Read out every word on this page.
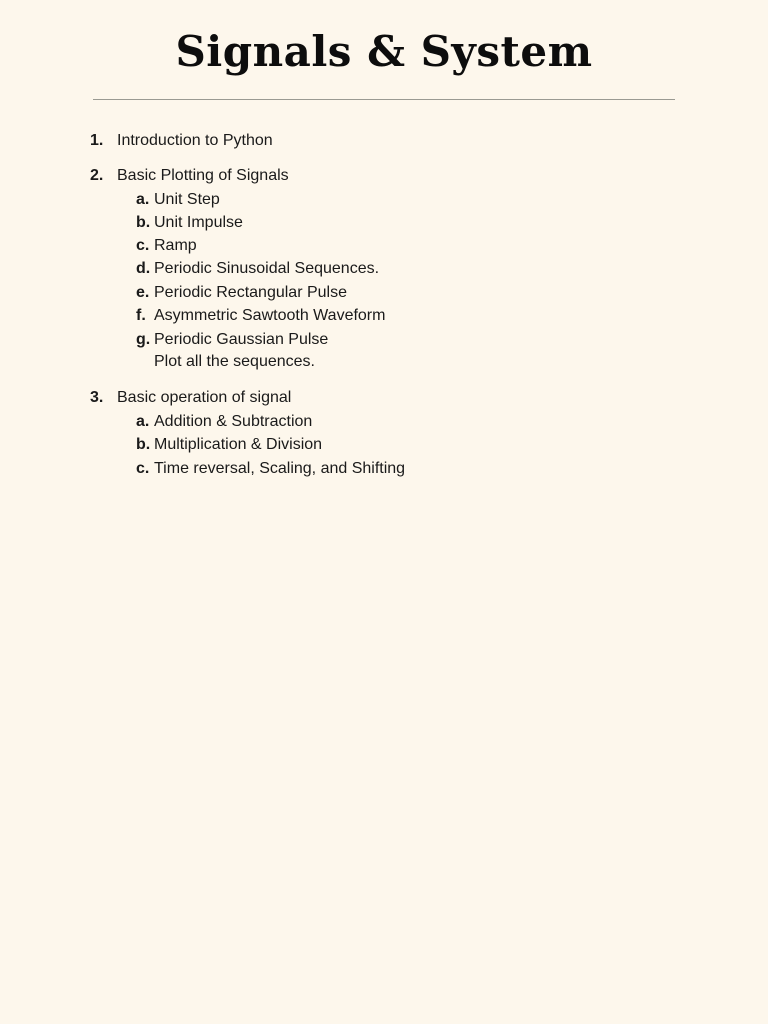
Signals & System
1. Introduction to Python
2. Basic Plotting of Signals
a. Unit Step
b. Unit Impulse
c. Ramp
d. Periodic Sinusoidal Sequences.
e. Periodic Rectangular Pulse
f. Asymmetric Sawtooth Waveform
g. Periodic Gaussian Pulse
Plot all the sequences.
3. Basic operation of signal
a. Addition & Subtraction
b. Multiplication & Division
c. Time reversal, Scaling, and Shifting
